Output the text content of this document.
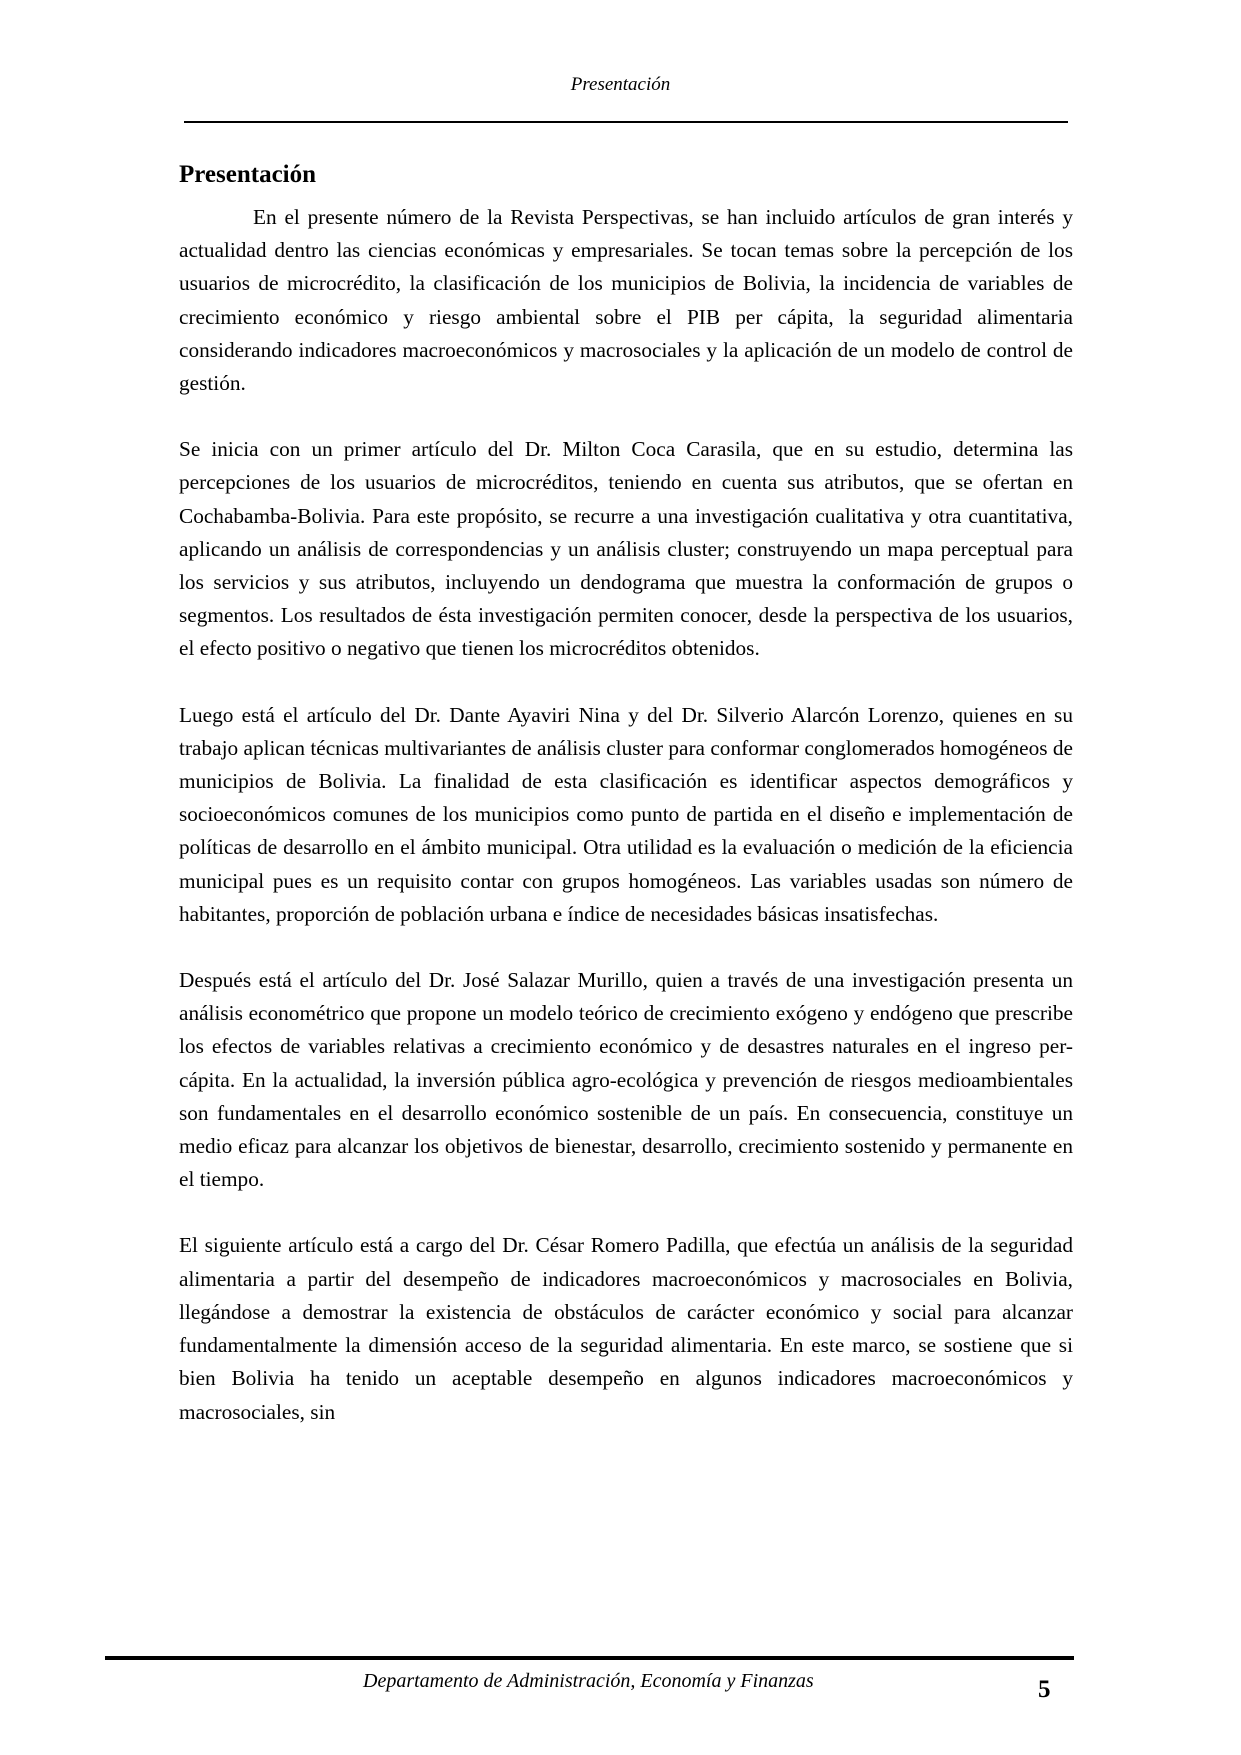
Presentación
Presentación

En el presente número de la Revista Perspectivas, se han incluido artículos de gran interés y actualidad dentro las ciencias económicas y empresariales. Se tocan temas sobre la percepción de los usuarios de microcrédito, la clasificación de los municipios de Bolivia, la incidencia de variables de crecimiento económico y riesgo ambiental sobre el PIB per cápita, la seguridad alimentaria considerando indicadores macroeconómicos y macrosociales y la aplicación de un modelo de control de gestión.

Se inicia con un primer artículo del Dr. Milton Coca Carasila, que en su estudio, determina las percepciones de los usuarios de microcréditos, teniendo en cuenta sus atributos, que se ofertan en Cochabamba-Bolivia. Para este propósito, se recurre a una investigación cualitativa y otra cuantitativa, aplicando un análisis de correspondencias y un análisis cluster; construyendo un mapa perceptual para los servicios y sus atributos, incluyendo un dendograma que muestra la conformación de grupos o segmentos. Los resultados de ésta investigación permiten conocer, desde la perspectiva de los usuarios, el efecto positivo o negativo que tienen los microcréditos obtenidos.

Luego está el artículo del Dr. Dante Ayaviri Nina y del Dr. Silverio Alarcón Lorenzo, quienes en su trabajo aplican técnicas multivariantes de análisis cluster para conformar conglomerados homogéneos de municipios de Bolivia. La finalidad de esta clasificación es identificar aspectos demográficos y socioeconómicos comunes de los municipios como punto de partida en el diseño e implementación de políticas de desarrollo en el ámbito municipal. Otra utilidad es la evaluación o medición de la eficiencia municipal pues es un requisito contar con grupos homogéneos. Las variables usadas son número de habitantes, proporción de población urbana e índice de necesidades básicas insatisfechas.

Después está el artículo del Dr. José Salazar Murillo, quien a través de una investigación presenta un análisis econométrico que propone un modelo teórico de crecimiento exógeno y endógeno que prescribe los efectos de variables relativas a crecimiento económico y de desastres naturales en el ingreso per-cápita. En la actualidad, la inversión pública agro-ecológica y prevención de riesgos medioambientales son fundamentales en el desarrollo económico sostenible de un país. En consecuencia, constituye un medio eficaz para alcanzar los objetivos de bienestar, desarrollo, crecimiento sostenido y permanente en el tiempo.

El siguiente artículo está a cargo del Dr. César Romero Padilla, que efectúa un análisis de la seguridad alimentaria a partir del desempeño de indicadores macroeconómicos y macrosociales en Bolivia, llegándose a demostrar la existencia de obstáculos de carácter económico y social para alcanzar fundamentalmente la dimensión acceso de la seguridad alimentaria. En este marco, se sostiene que si bien Bolivia ha tenido un aceptable desempeño en algunos indicadores macroeconómicos y macrosociales, sin

Departamento de Administración, Economía y Finanzas	5
